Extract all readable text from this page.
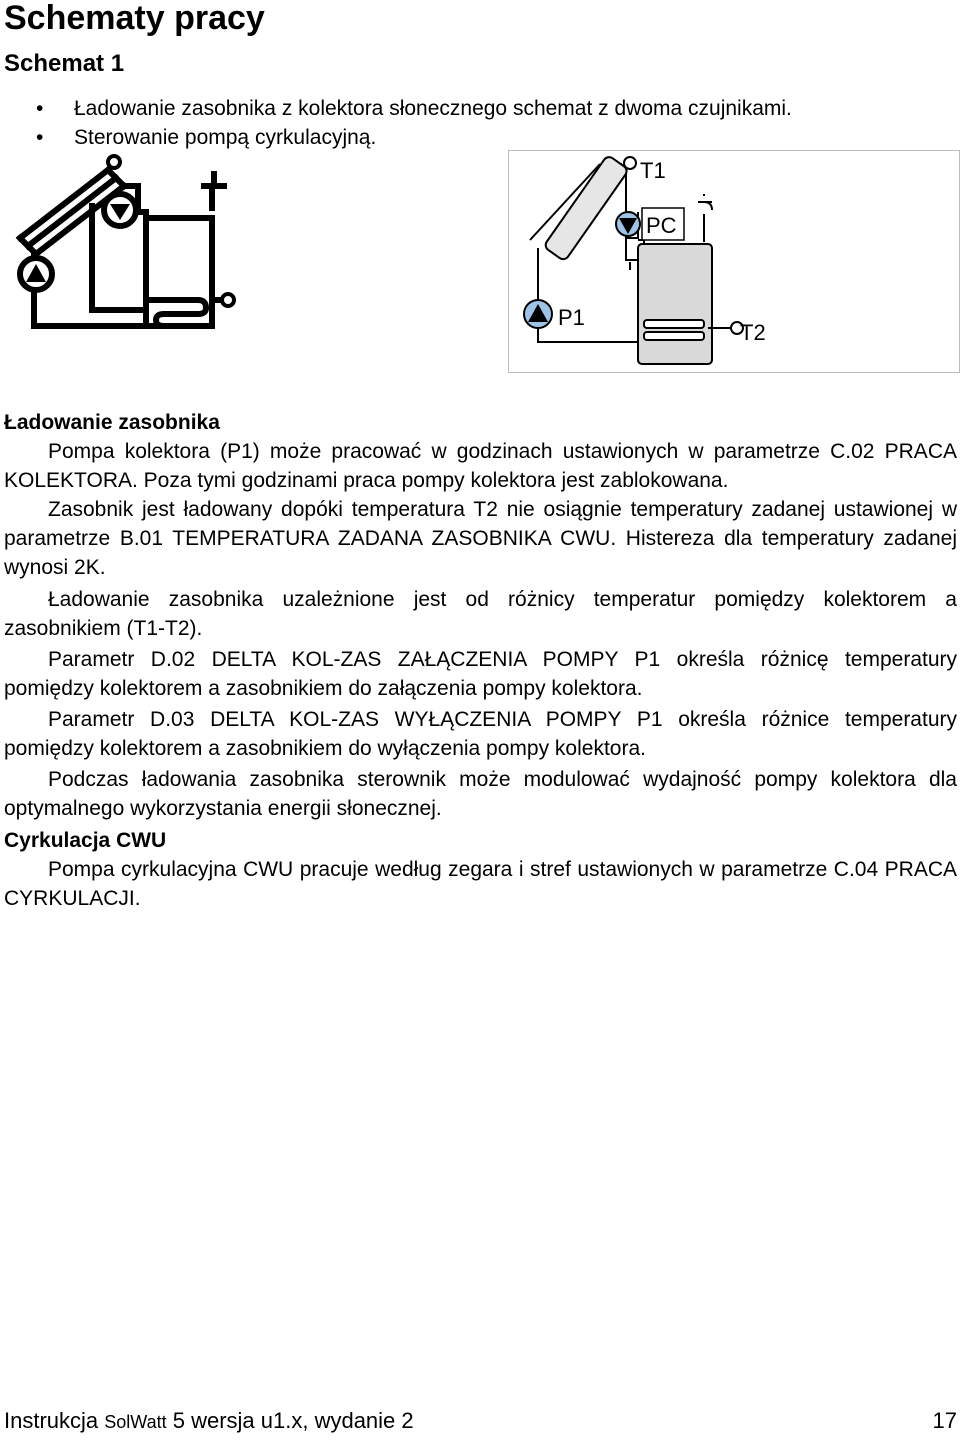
Schematy pracy
Schemat 1
• Ładowanie zasobnika z kolektora słonecznego schemat z dwoma czujnikami.
• Sterowanie pompą cyrkulacyjną.
T2
T1
PC
P1
Ładowanie zasobnika

Pompa kolektora (P1) może pracować w godzinach ustawionych w parametrze C.02 PRACA KOLEKTORA. Poza tymi godzinami praca pompy kolektora jest zablokowana.

Zasobnik jest ładowany dopóki temperatura T2 nie osiągnie temperatury zadanej ustawionej w parametrze B.01 TEMPERATURA ZADANA ZASOBNIKA CWU. Histereza dla temperatury zadanej wynosi 2K.

Ładowanie zasobnika uzależnione jest od różnicy temperatur pomiędzy kolektorem a zasobnikiem (T1-T2).

Parametr D.02 DELTA KOL-ZAS ZAŁĄCZENIA POMPY P1 określa różnicę temperatury pomiędzy kolektorem a zasobnikiem do załączenia pompy kolektora.

Parametr D.03 DELTA KOL-ZAS WYŁĄCZENIA POMPY P1 określa różnice temperatury pomiędzy kolektorem a zasobnikiem do wyłączenia pompy kolektora.

Podczas ładowania zasobnika sterownik może modulować wydajność pompy kolektora dla optymalnego wykorzystania energii słonecznej.

Cyrkulacja CWU

Pompa cyrkulacyjna CWU pracuje według zegara i stref ustawionych w parametrze C.04 PRACA CYRKULACJI.

Instrukcja SolWatt 5 wersja u1.x, wydanie 2	17
